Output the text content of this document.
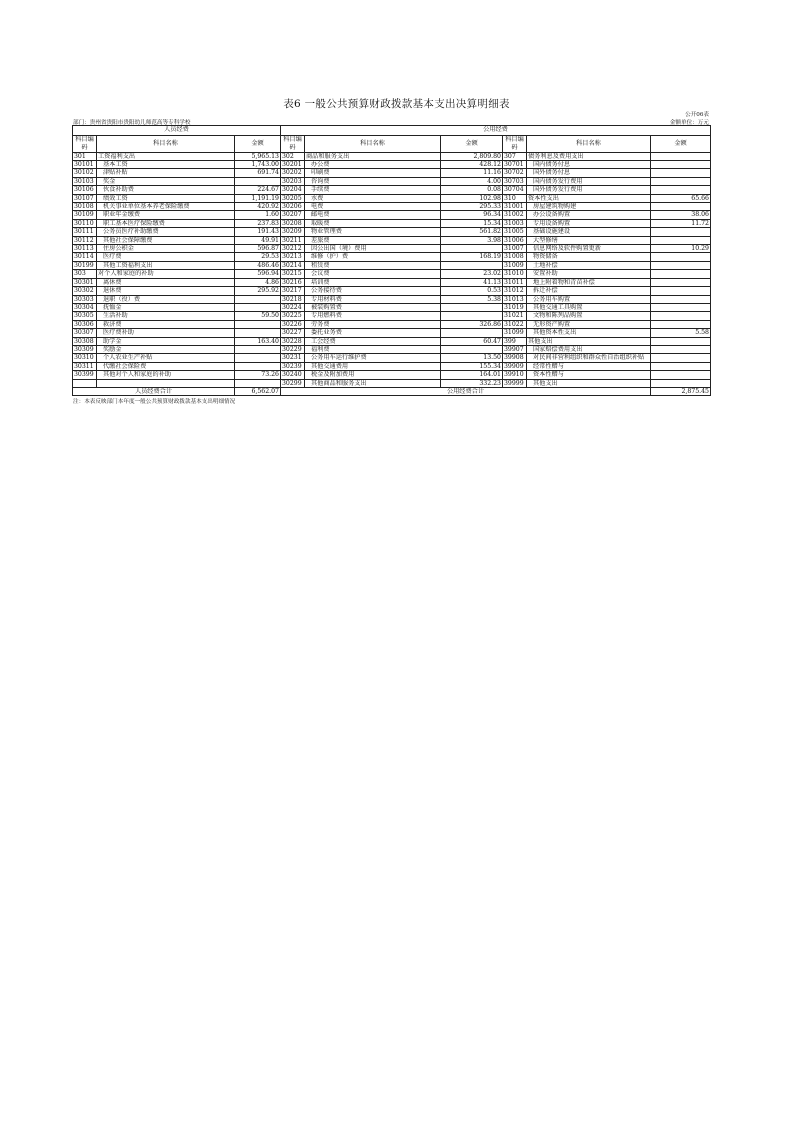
表6 一般公共预算财政拨款基本支出决算明细表
公开06表
部门：贵州省贵阳市贵阳幼儿师范高等专科学校	金额单位：万元
人员经费			公用经费					
科目编码	科目名称	金额	科目编码	科目名称	金额	科目编码	科目名称	金额
301	工资福利支出	5,965.13	302	商品和服务支出	2,809.80	307	债务利息及费用支出	
30101	基本工资	1,743.00	30201	办公费	428.12	30701	国内债务付息	
30102	津贴补贴	691.74	30202	印刷费	11.16	30702	国外债务付息	
30103	奖金		30203	咨询费	4.00	30703	国内债务发行费用	
30106	伙食补助费	224.67	30204	手续费	0.08	30704	国外债务发行费用	
30107	绩效工资	1,191.19	30205	水费	102.98	310	资本性支出	65.66
30108	机关事业单位基本养老保险缴费	420.92	30206	电费	295.33	31001	房屋建筑物购建	
30109	职业年金缴费	1.60	30207	邮电费	96.34	31002	办公设备购置	38.06
30110	职工基本医疗保险缴费	237.83	30208	取暖费	15.34	31003	专用设备购置	11.72
30111	公务员医疗补助缴费	191.43	30209	物业管理费	561.82	31005	基础设施建设	
30112	其他社会保障缴费	49.91	30211	差旅费	3.98	31006	大型修缮	
30113	住房公积金	596.87	30212	因公出国（境）费用		31007	信息网络及软件购置更新	10.29
30114	医疗费	29.53	30213	维修（护）费	168.19	31008	物资储备	
30199	其他工资福利支出	486.46	30214	租赁费		31009	土地补偿	
303	对个人和家庭的补助	596.94	30215	会议费	23.02	31010	安置补助	
30301	离休费	4.86	30216	培训费	41.13	31011	地上附着物和青苗补偿	
30302	退休费	295.92	30217	公务接待费	0.53	31012	拆迁补偿	
30303	退职（役）费		30218	专用材料费	5.38	31013	公务用车购置	
30304	抚恤金		30224	被装购置费		31019	其他交通工具购置	
30305	生活补助	59.50	30225	专用燃料费		31021	文物和陈列品购置	
30306	救济费		30226	劳务费	326.86	31022	无形资产购置	
30307	医疗费补助		30227	委托业务费		31099	其他资本性支出	5.58
30308	助学金	163.40	30228	工会经费	60.47	399	其他支出	
30309	奖励金		30229	福利费		39907	国家赔偿费用支出	
30310	个人农业生产补贴		30231	公务用车运行维护费	13.50	39908	对民间非营利组织和群众性自治组织补贴	
30311	代缴社会保险费		30239	其他交通费用	155.34	39909	经常性赠与	
30399	其他对个人和家庭的补助	73.26	30240	税金及附加费用	164.01	39910	资本性赠与	
			30299	其他商品和服务支出	332.23	39999	其他支出	
人员经费合计		6,562.07	公用经费合计					2,875.45
注：本表反映部门本年度一般公共预算财政拨款基本支出明细情况
